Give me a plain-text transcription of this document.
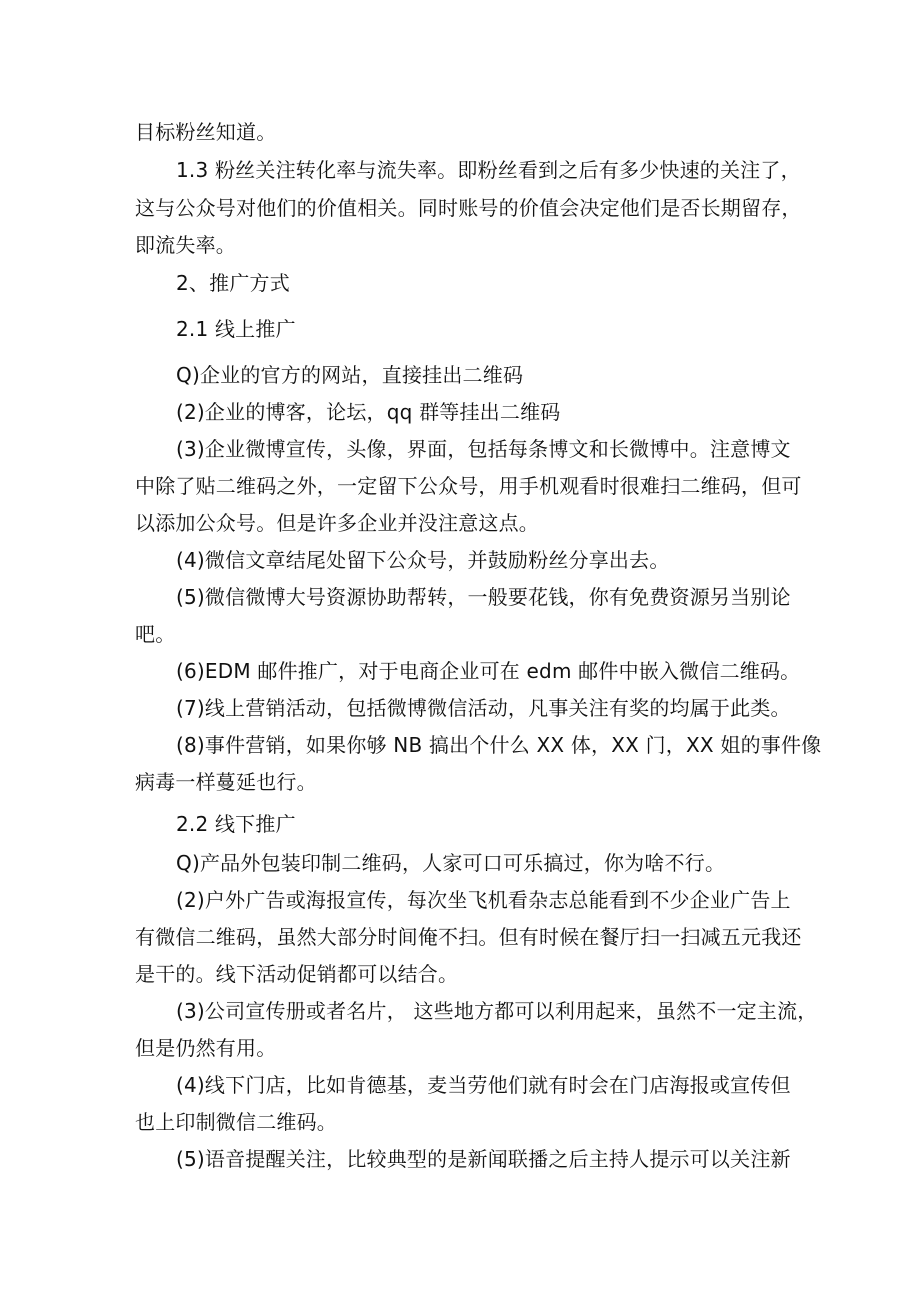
目标粉丝知道。
1.3 粉丝关注转化率与流失率。即粉丝看到之后有多少快速的关注了，
这与公众号对他们的价值相关。同时账号的价值会决定他们是否长期留存，
即流失率。
2、推广方式
2.1 线上推广
Q)企业的官方的网站，直接挂出二维码
(2)企业的博客，论坛，qq 群等挂出二维码
(3)企业微博宣传，头像，界面，包括每条博文和长微博中。注意博文
中除了贴二维码之外，一定留下公众号，用手机观看时很难扫二维码，但可
以添加公众号。但是许多企业并没注意这点。
(4)微信文章结尾处留下公众号，并鼓励粉丝分享出去。
(5)微信微博大号资源协助帮转，一般要花钱，你有免费资源另当别论
吧。
(6)EDM 邮件推广，对于电商企业可在 edm 邮件中嵌入微信二维码。
(7)线上营销活动，包括微博微信活动，凡事关注有奖的均属于此类。
(8)事件营销，如果你够 NB 搞出个什么 XX 体，XX 门，XX 姐的事件像
病毒一样蔓延也行。
2.2 线下推广
Q)产品外包装印制二维码，人家可口可乐搞过，你为啥不行。
(2)户外广告或海报宣传，每次坐飞机看杂志总能看到不少企业广告上
有微信二维码，虽然大部分时间俺不扫。但有时候在餐厅扫一扫减五元我还
是干的。线下活动促销都可以结合。
(3)公司宣传册或者名片， 这些地方都可以利用起来，虽然不一定主流，
但是仍然有用。
(4)线下门店，比如肯德基，麦当劳他们就有时会在门店海报或宣传但
也上印制微信二维码。
(5)语音提醒关注，比较典型的是新闻联播之后主持人提示可以关注新
